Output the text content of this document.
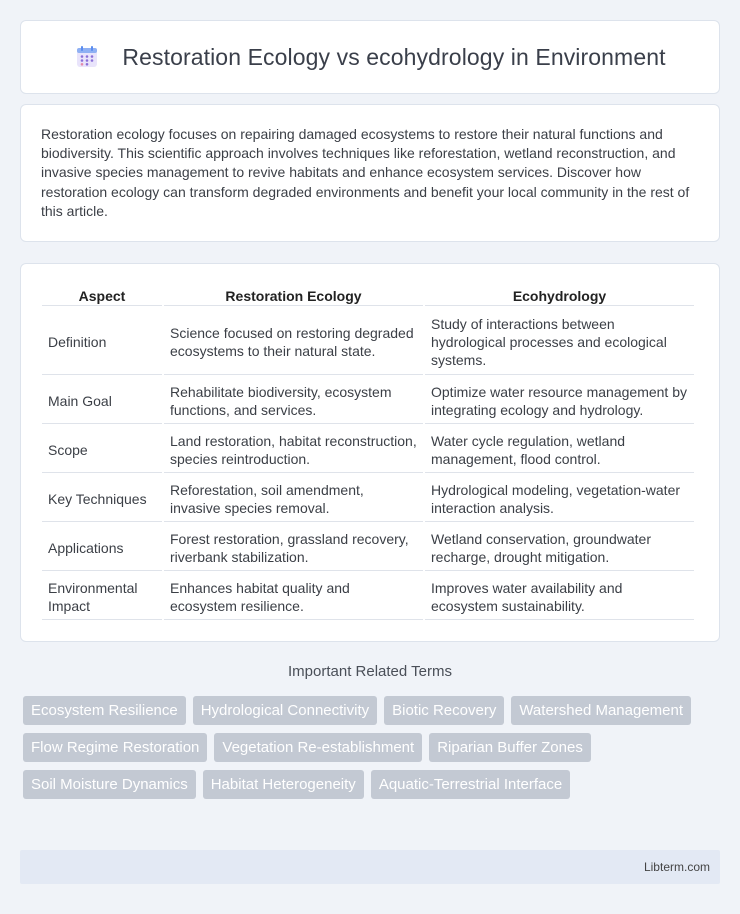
Restoration Ecology vs ecohydrology in Environment

Restoration ecology focuses on repairing damaged ecosystems to restore their natural functions and biodiversity. This scientific approach involves techniques like reforestation, wetland reconstruction, and invasive species management to revive habitats and enhance ecosystem services. Discover how restoration ecology can transform degraded environments and benefit your local community in the rest of this article.

Aspect	Restoration Ecology	Ecohydrology
Definition	Science focused on restoring degraded ecosystems to their natural state.	Study of interactions between hydrological processes and ecological systems.
Main Goal	Rehabilitate biodiversity, ecosystem functions, and services.	Optimize water resource management by integrating ecology and hydrology.
Scope	Land restoration, habitat reconstruction, species reintroduction.	Water cycle regulation, wetland management, flood control.
Key Techniques	Reforestation, soil amendment, invasive species removal.	Hydrological modeling, vegetation-water interaction analysis.
Applications	Forest restoration, grassland recovery, riverbank stabilization.	Wetland conservation, groundwater recharge, drought mitigation.
Environmental Impact	Enhances habitat quality and ecosystem resilience.	Improves water availability and ecosystem sustainability.
Important Related Terms
Ecosystem Resilience	Hydrological Connectivity	Biotic Recovery	Watershed Management
Flow Regime Restoration	Vegetation Re-establishment	Riparian Buffer Zones
Soil Moisture Dynamics	Habitat Heterogeneity	Aquatic-Terrestrial Interface
Libterm.com
